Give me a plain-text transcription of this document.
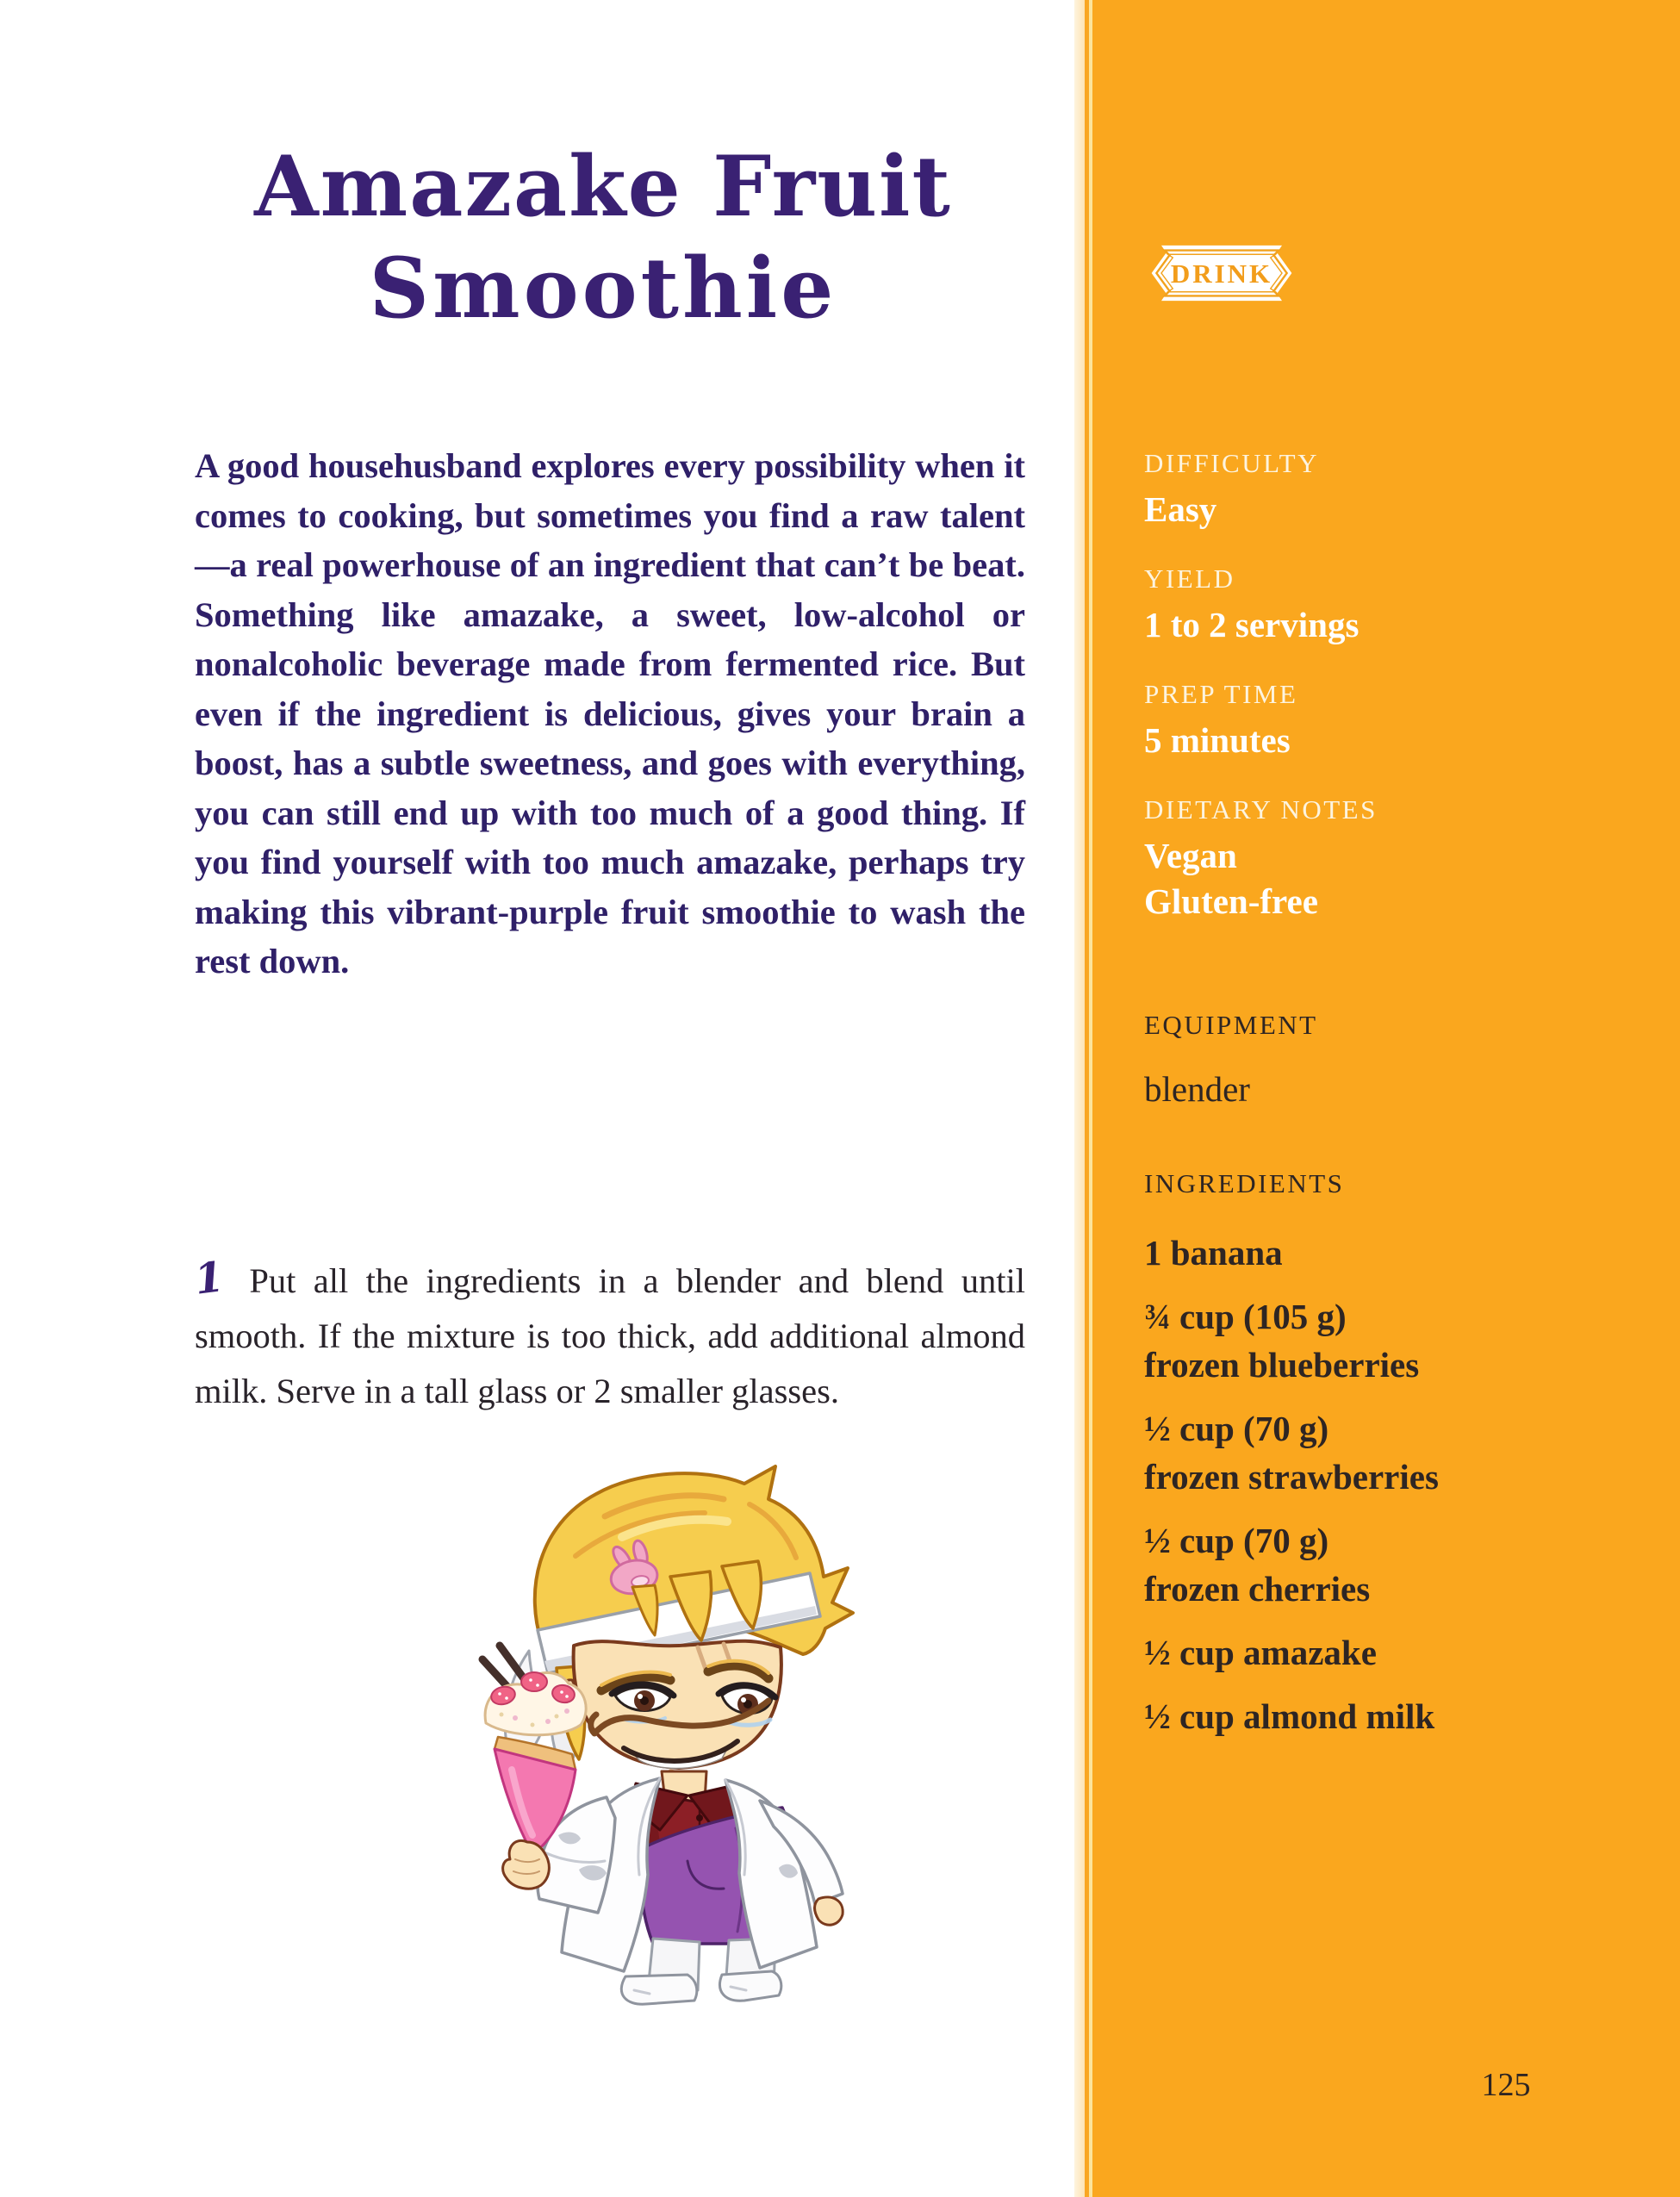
Amazake Fruit
Smoothie
A good househusband explores every possibility when it comes to cooking, but sometimes you find a raw talent—a real powerhouse of an ingredient that can’t be beat. Something like amazake, a sweet, low-alcohol or nonalcoholic beverage made from fermented rice. But even if the ingredient is delicious, gives your brain a boost, has a subtle sweetness, and goes with everything, you can still end up with too much of a good thing. If you find yourself with too much amazake, perhaps try making this vibrant-purple fruit smoothie to wash the rest down.
1 Put all the ingredients in a blender and blend until smooth. If the mixture is too thick, add additional almond milk. Serve in a tall glass or 2 smaller glasses.
DRINK
DIFFICULTY
Easy
YIELD
1 to 2 servings
PREP TIME
5 minutes
DIETARY NOTES
Vegan
Gluten-free
EQUIPMENT
blender
INGREDIENTS
1 banana
¾ cup (105 g)
frozen blueberries
½ cup (70 g)
frozen strawberries
½ cup (70 g)
frozen cherries
½ cup amazake
½ cup almond milk
125
